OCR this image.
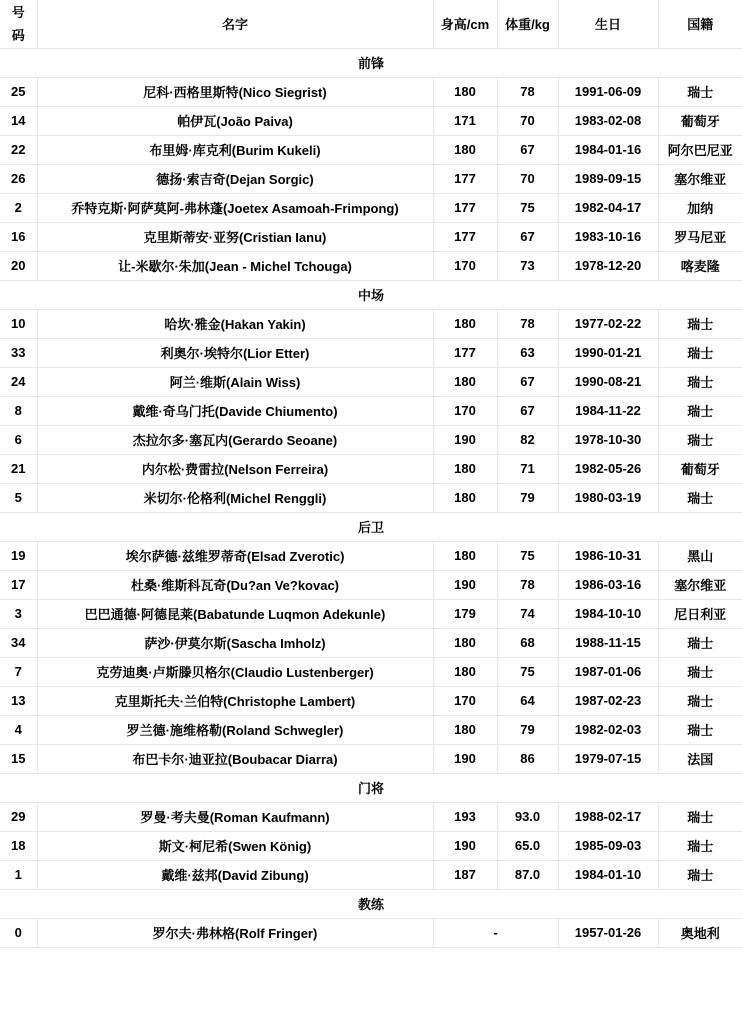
号码	名字	身高/cm	体重/kg	生日	国籍
前锋					
25	尼科·西格里斯特(Nico Siegrist)	180	78	1991-06-09	瑞士
14	帕伊瓦(João Paiva)	171	70	1983-02-08	葡萄牙
22	布里姆·库克利(Burim Kukeli)	180	67	1984-01-16	阿尔巴尼亚
26	德扬·索吉奇(Dejan Sorgic)	177	70	1989-09-15	塞尔维亚
2	乔特克斯·阿萨莫阿-弗林蓬(Joetex Asamoah-Frimpong)	177	75	1982-04-17	加纳
16	克里斯蒂安·亚努(Cristian Ianu)	177	67	1983-10-16	罗马尼亚
20	让-米歇尔·朱加(Jean - Michel Tchouga)	170	73	1978-12-20	喀麦隆
中场					
10	哈坎·雅金(Hakan Yakin)	180	78	1977-02-22	瑞士
33	利奥尔·埃特尔(Lior Etter)	177	63	1990-01-21	瑞士
24	阿兰·维斯(Alain Wiss)	180	67	1990-08-21	瑞士
8	戴维·奇乌门托(Davide Chiumento)	170	67	1984-11-22	瑞士
6	杰拉尔多·塞瓦内(Gerardo Seoane)	190	82	1978-10-30	瑞士
21	内尔松·费雷拉(Nelson Ferreira)	180	71	1982-05-26	葡萄牙
5	米切尔·伦格利(Michel Renggli)	180	79	1980-03-19	瑞士
后卫					
19	埃尔萨德·兹维罗蒂奇(Elsad Zverotic)	180	75	1986-10-31	黑山
17	杜桑·维斯科瓦奇(Du?an Ve?kovac)	190	78	1986-03-16	塞尔维亚
3	巴巴通德·阿德昆莱(Babatunde Luqmon Adekunle)	179	74	1984-10-10	尼日利亚
34	萨沙·伊莫尔斯(Sascha Imholz)	180	68	1988-11-15	瑞士
7	克劳迪奥·卢斯滕贝格尔(Claudio Lustenberger)	180	75	1987-01-06	瑞士
13	克里斯托夫·兰伯特(Christophe Lambert)	170	64	1987-02-23	瑞士
4	罗兰德·施维格勒(Roland Schwegler)	180	79	1982-02-03	瑞士
15	布巴卡尔·迪亚拉(Boubacar Diarra)	190	86	1979-07-15	法国
门将					
29	罗曼·考夫曼(Roman Kaufmann)	193	93.0	1988-02-17	瑞士
18	斯文·柯尼希(Swen König)	190	65.0	1985-09-03	瑞士
1	戴维·兹邦(David Zibung)	187	87.0	1984-01-10	瑞士
教练					
0	罗尔夫·弗林格(Rolf Fringer)	-		1957-01-26	奥地利
